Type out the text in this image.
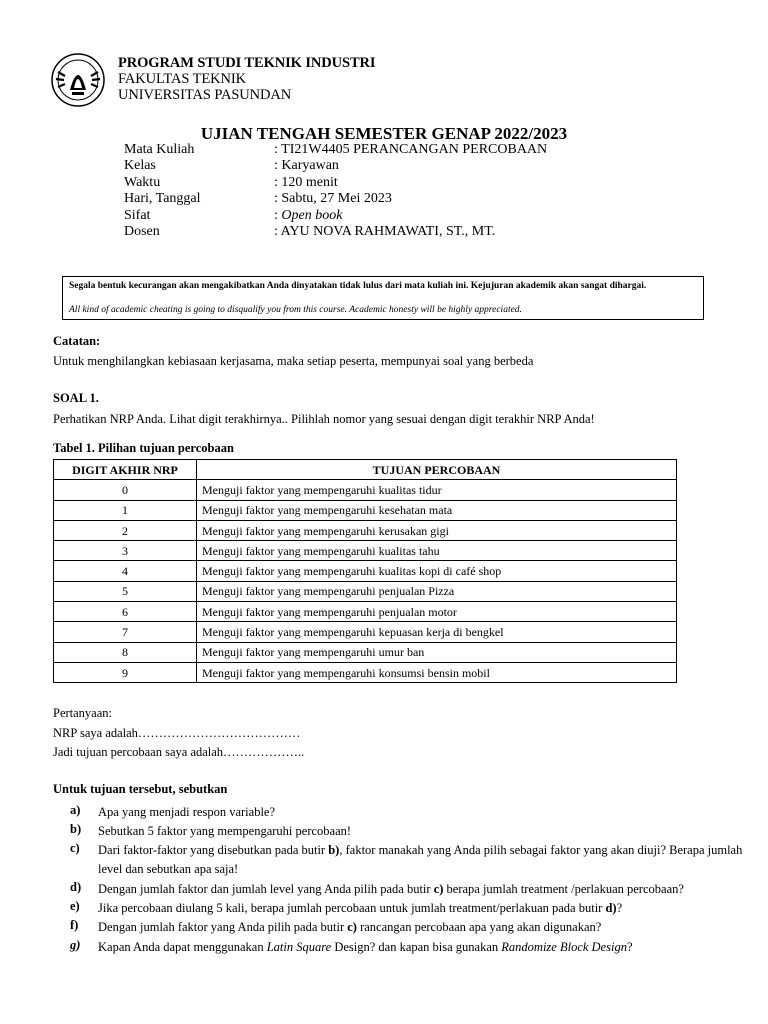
PROGRAM STUDI TEKNIK INDUSTRI
FAKULTAS TEKNIK
UNIVERSITAS PASUNDAN
UJIAN TENGAH SEMESTER GENAP 2022/2023
Mata Kuliah	: TI21W4405 PERANCANGAN PERCOBAAN
Kelas	: Karyawan
Waktu	: 120 menit
Hari, Tanggal	: Sabtu, 27 Mei 2023
Sifat	: Open book
Dosen	: AYU NOVA RAHMAWATI, ST., MT.
Segala bentuk kecurangan akan mengakibatkan Anda dinyatakan tidak lulus dari mata kuliah ini. Kejujuran akademik akan sangat dihargai.
All kind of academic cheating is going to disqualify you from this course. Academic honesty will be highly appreciated.
Catatan:
Untuk menghilangkan kebiasaan kerjasama, maka setiap peserta, mempunyai soal yang berbeda
SOAL 1.
Perhatikan NRP Anda. Lihat digit terakhirnya.. Pilihlah nomor yang sesuai dengan digit terakhir NRP Anda!
Tabel 1. Pilihan tujuan percobaan
DIGIT AKHIR NRP	TUJUAN PERCOBAAN
0	Menguji faktor yang mempengaruhi kualitas tidur
1	Menguji faktor yang mempengaruhi kesehatan mata
2	Menguji faktor yang mempengaruhi kerusakan gigi
3	Menguji faktor yang mempengaruhi kualitas tahu
4	Menguji faktor yang mempengaruhi kualitas kopi di café shop
5	Menguji faktor yang mempengaruhi penjualan Pizza
6	Menguji faktor yang mempengaruhi penjualan motor
7	Menguji faktor yang mempengaruhi kepuasan kerja di bengkel
8	Menguji faktor yang mempengaruhi umur ban
9	Menguji faktor yang mempengaruhi konsumsi bensin mobil
Pertanyaan:
NRP saya adalah…………………………………
Jadi tujuan percobaan saya adalah………………..
Untuk tujuan tersebut, sebutkan
a) Apa yang menjadi respon variable?
b) Sebutkan 5 faktor yang mempengaruhi percobaan!
c) Dari faktor-faktor yang disebutkan pada butir b), faktor manakah yang Anda pilih sebagai faktor yang akan diuji? Berapa jumlah level dan sebutkan apa saja!
d) Dengan jumlah faktor dan jumlah level yang Anda pilih pada butir c) berapa jumlah treatment /perlakuan percobaan?
e) Jika percobaan diulang 5 kali, berapa jumlah percobaan untuk jumlah treatment/perlakuan pada butir d)?
f) Dengan jumlah faktor yang Anda pilih pada butir c) rancangan percobaan apa yang akan digunakan?
g) Kapan Anda dapat menggunakan Latin Square Design? dan kapan bisa gunakan Randomize Block Design?
